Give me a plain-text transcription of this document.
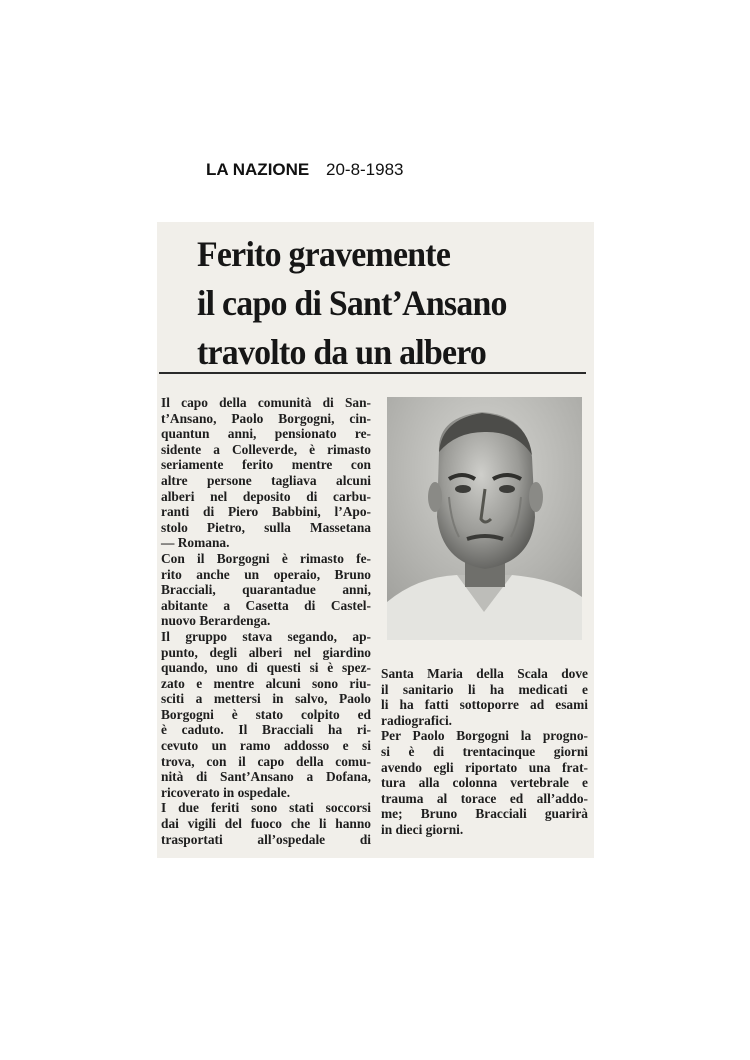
LA NAZIONE 20-8-1983
Ferito gravemente
il capo di Sant’Ansano
travolto da un albero
Il capo della comunità di San-
t’Ansano, Paolo Borgogni, cin-
quantun anni, pensionato re-
sidente a Colleverde, è rimasto
seriamente ferito mentre con
altre persone tagliava alcuni
alberi nel deposito di carbu-
ranti di Piero Babbini, l’Apo-
stolo Pietro, sulla Massetana
— Romana.
Con il Borgogni è rimasto fe-
rito anche un operaio, Bruno
Bracciali, quarantadue anni,
abitante a Casetta di Castel-
nuovo Berardenga.
Il gruppo stava segando, ap-
punto, degli alberi nel giardino
quando, uno di questi si è spez-
zato e mentre alcuni sono riu-
sciti a mettersi in salvo, Paolo
Borgogni è stato colpito ed
è caduto. Il Bracciali ha ri-
cevuto un ramo addosso e si
trova, con il capo della comu-
nità di Sant’Ansano a Dofana,
ricoverato in ospedale.
I due feriti sono stati soccorsi
dai vigili del fuoco che li hanno
trasportati all’ospedale di
Santa Maria della Scala dove
il sanitario li ha medicati e
li ha fatti sottoporre ad esami
radiografici.
Per Paolo Borgogni la progno-
si è di trentacinque giorni
avendo egli riportato una frat-
tura alla colonna vertebrale e
trauma al torace ed all’addo-
me; Bruno Bracciali guarirà
in dieci giorni.
